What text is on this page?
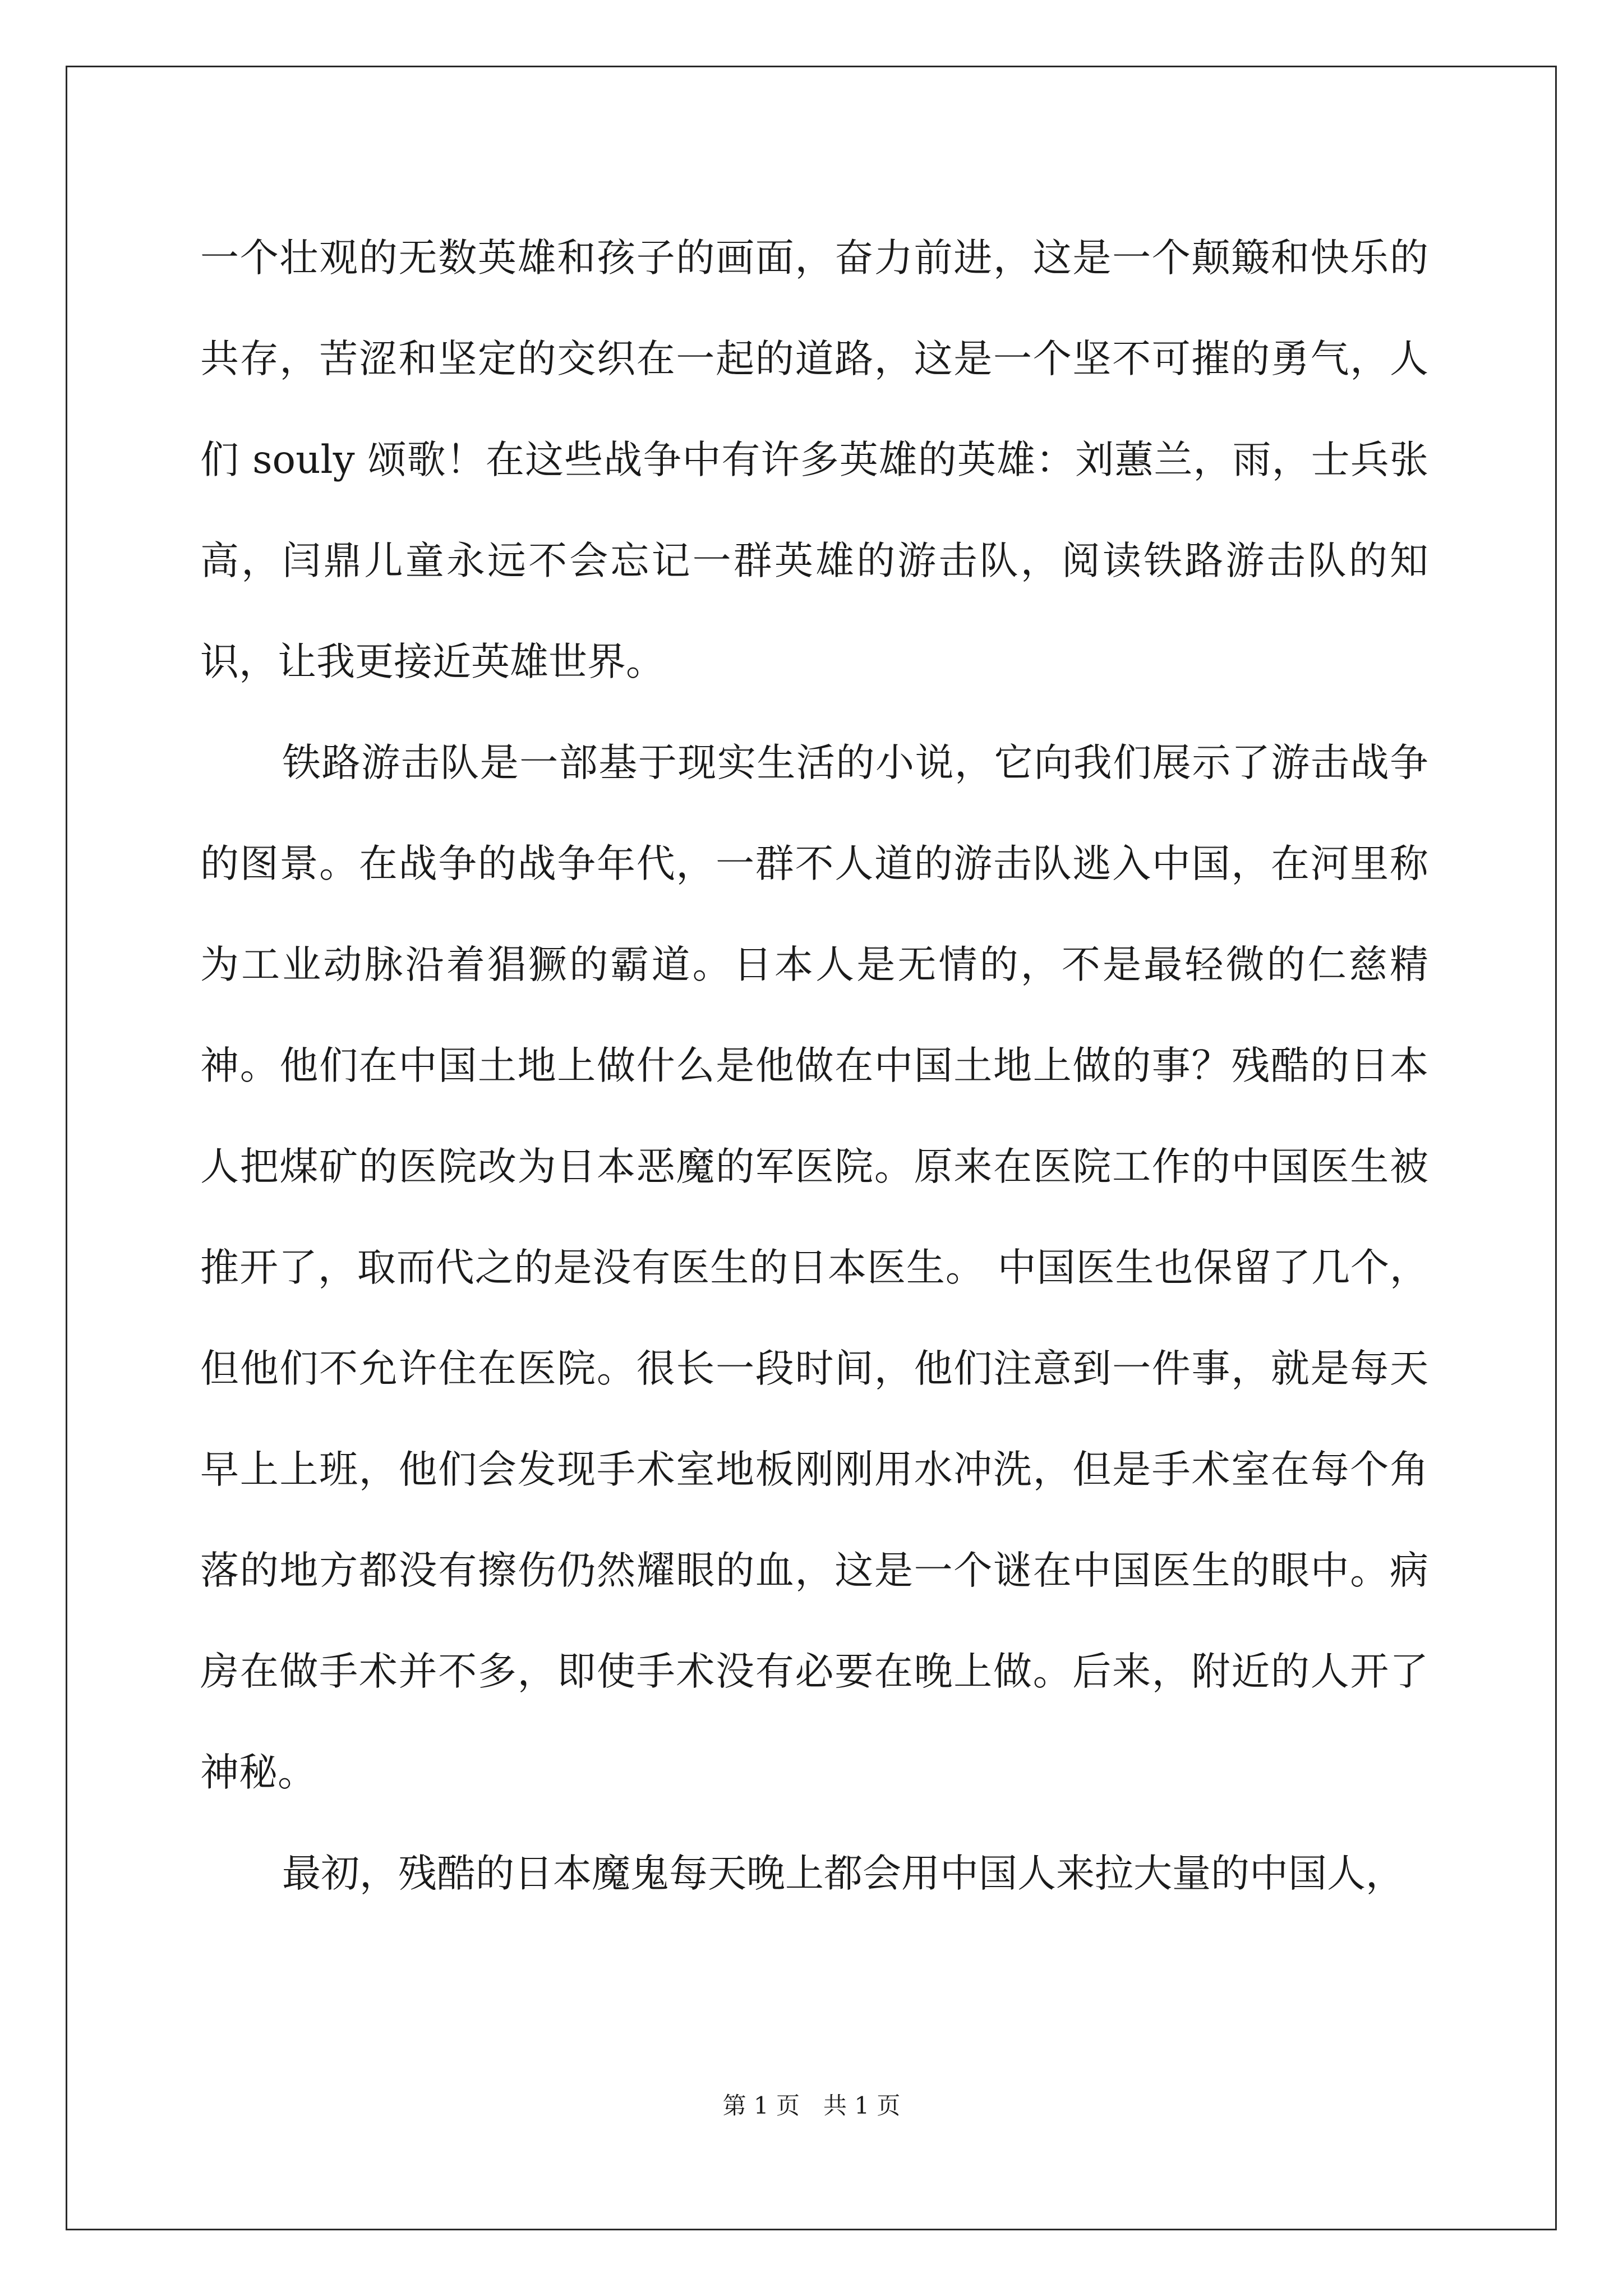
一个壮观的无数英雄和孩子的画面，奋力前进，这是一个颠簸和快乐的共存，苦涩和坚定的交织在一起的道路，这是一个坚不可摧的勇气，人们 souly 颂歌！在这些战争中有许多英雄的英雄：刘蕙兰，雨，士兵张高，闫鼎儿童永远不会忘记一群英雄的游击队，阅读铁路游击队的知识，让我更接近英雄世界。

铁路游击队是一部基于现实生活的小说，它向我们展示了游击战争的图景。在战争的战争年代，一群不人道的游击队逃入中国，在河里称为工业动脉沿着猖獗的霸道。日本人是无情的，不是最轻微的仁慈精神。他们在中国土地上做什么是他做在中国土地上做的事？残酷的日本人把煤矿的医院改为日本恶魔的军医院。原来在医院工作的中国医生被推开了，取而代之的是没有医生的日本医生。 中国医生也保留了几个，但他们不允许住在医院。很长一段时间，他们注意到一件事，就是每天早上上班，他们会发现手术室地板刚刚用水冲洗，但是手术室在每个角落的地方都没有擦伤仍然耀眼的血，这是一个谜在中国医生的眼中。病房在做手术并不多，即使手术没有必要在晚上做。后来，附近的人开了神秘。

最初，残酷的日本魔鬼每天晚上都会用中国人来拉大量的中国人，

第 1 页　共 1 页
